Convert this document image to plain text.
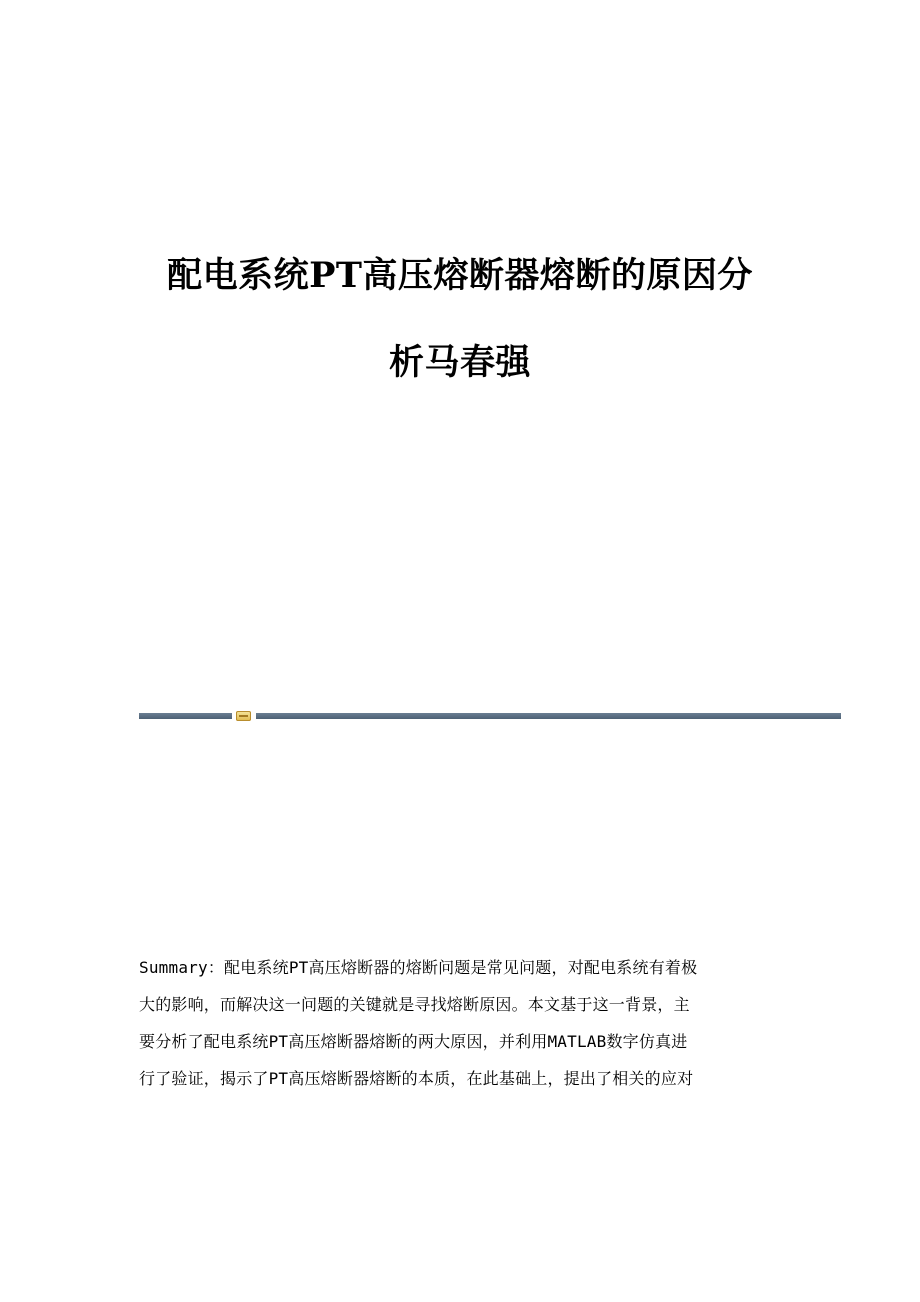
配电系统PT高压熔断器熔断的原因分
析马春强
Summary：配电系统PT高压熔断器的熔断问题是常见问题，对配电系统有着极
大的影响，而解决这一问题的关键就是寻找熔断原因。本文基于这一背景，主
要分析了配电系统PT高压熔断器熔断的两大原因，并利用MATLAB数字仿真进
行了验证，揭示了PT高压熔断器熔断的本质，在此基础上，提出了相关的应对
